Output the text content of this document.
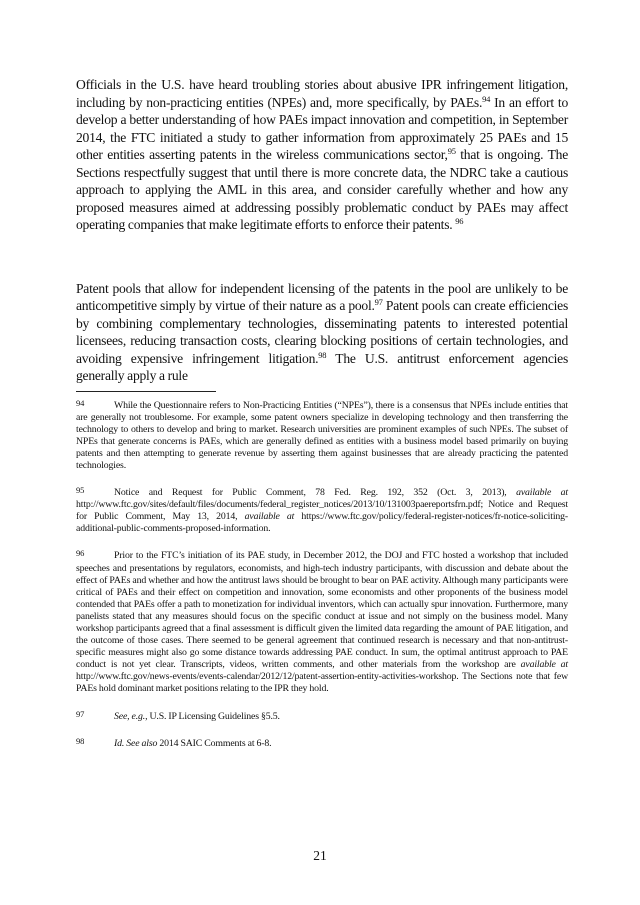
Officials in the U.S. have heard troubling stories about abusive IPR infringement litigation, including by non-practicing entities (NPEs) and, more specifically, by PAEs.$^{94}$ In an effort to develop a better understanding of how PAEs impact innovation and competition, in September 2014, the FTC initiated a study to gather information from approximately 25 PAEs and 15 other entities asserting patents in the wireless communications sector,$^{95}$ that is ongoing. The Sections respectfully suggest that until there is more concrete data, the NDRC take a cautious approach to applying the AML in this area, and consider carefully whether and how any proposed measures aimed at addressing possibly problematic conduct by PAEs may affect operating companies that make legitimate efforts to enforce their patents. $^{96}$

Patent pools that allow for independent licensing of the patents in the pool are unlikely to be anticompetitive simply by virtue of their nature as a pool.$^{97}$ Patent pools can create efficiencies by combining complementary technologies, disseminating patents to interested potential licensees, reducing transaction costs, clearing blocking positions of certain technologies, and avoiding expensive infringement litigation.$^{98}$ The U.S. antitrust enforcement agencies generally apply a rule

94	While the Questionnaire refers to Non-Practicing Entities (“NPEs”), there is a consensus that NPEs include entities that are generally not troublesome. For example, some patent owners specialize in developing technology and then transferring the technology to others to develop and bring to market. Research universities are prominent examples of such NPEs. The subset of NPEs that generate concerns is PAEs, which are generally defined as entities with a business model based primarily on buying patents and then attempting to generate revenue by asserting them against businesses that are already practicing the patented technologies.

95	Notice and Request for Public Comment, 78 Fed. Reg. 192, 352 (Oct. 3, 2013), available at http://www.ftc.gov/sites/default/files/documents/federal_register_notices/2013/10/131003paereportsfrn.pdf; Notice and Request for Public Comment, May 13, 2014, available at https://www.ftc.gov/policy/federal-register-notices/fr-notice-soliciting-additional-public-comments-proposed-information.

96	Prior to the FTC’s initiation of its PAE study, in December 2012, the DOJ and FTC hosted a workshop that included speeches and presentations by regulators, economists, and high-tech industry participants, with discussion and debate about the effect of PAEs and whether and how the antitrust laws should be brought to bear on PAE activity. Although many participants were critical of PAEs and their effect on competition and innovation, some economists and other proponents of the business model contended that PAEs offer a path to monetization for individual inventors, which can actually spur innovation. Furthermore, many panelists stated that any measures should focus on the specific conduct at issue and not simply on the business model. Many workshop participants agreed that a final assessment is difficult given the limited data regarding the amount of PAE litigation, and the outcome of those cases. There seemed to be general agreement that continued research is necessary and that non-antitrust-specific measures might also go some distance towards addressing PAE conduct. In sum, the optimal antitrust approach to PAE conduct is not yet clear. Transcripts, videos, written comments, and other materials from the workshop are available at http://www.ftc.gov/news-events/events-calendar/2012/12/patent-assertion-entity-activities-workshop. The Sections note that few PAEs hold dominant market positions relating to the IPR they hold.

97	See, e.g., U.S. IP Licensing Guidelines §5.5.

98	Id. See also 2014 SAIC Comments at 6-8.

21
